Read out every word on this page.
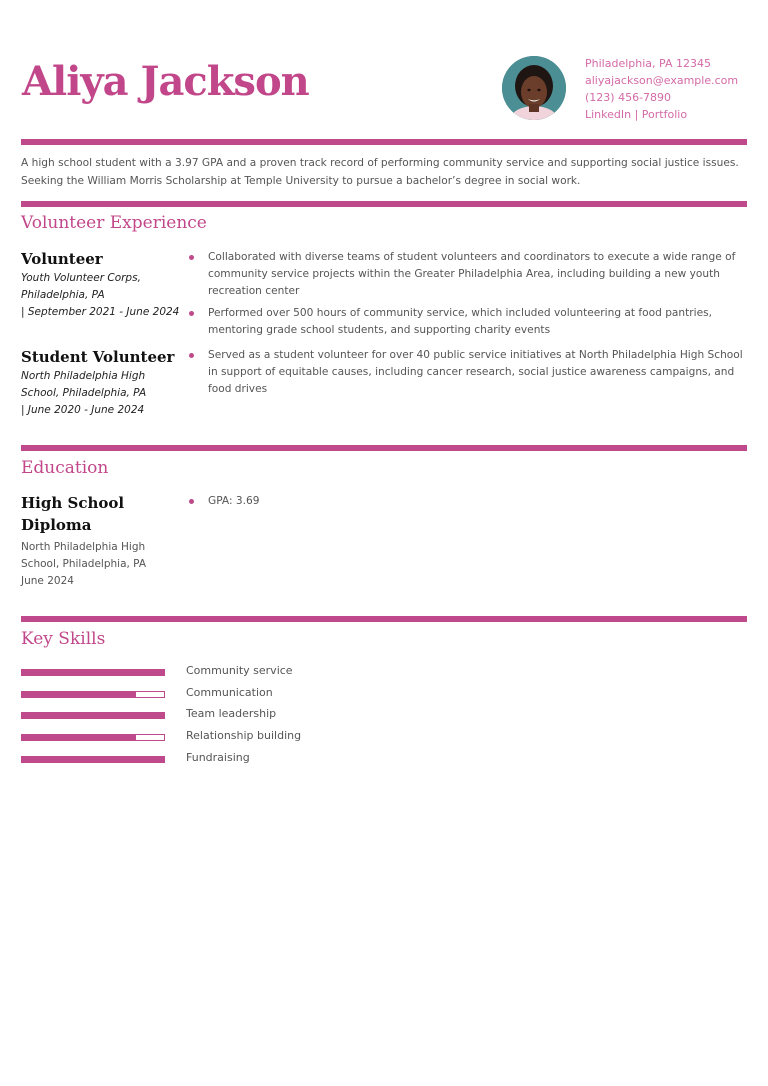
Aliya Jackson	Philadelphia, PA 12345
aliyajackson@example.com
(123) 456-7890
LinkedIn | Portfolio
A high school student with a 3.97 GPA and a proven track record of performing community service and supporting social justice issues. Seeking the William Morris Scholarship at Temple University to pursue a bachelor’s degree in social work.
Volunteer Experience
Volunteer
Youth Volunteer Corps,
Philadelphia, PA
| September 2021 - June 2024
Collaborated with diverse teams of student volunteers and coordinators to execute a wide range of community service projects within the Greater Philadelphia Area, including building a new youth recreation center
Performed over 500 hours of community service, which included volunteering at food pantries, mentoring grade school students, and supporting charity events
Student Volunteer
North Philadelphia High
School, Philadelphia, PA
| June 2020 - June 2024
Served as a student volunteer for over 40 public service initiatives at North Philadelphia High School in support of equitable causes, including cancer research, social justice awareness campaigns, and food drives
Education
High School Diploma
North Philadelphia High
School, Philadelphia, PA
June 2024
GPA: 3.69
Key Skills
Community service
Communication
Team leadership
Relationship building
Fundraising
